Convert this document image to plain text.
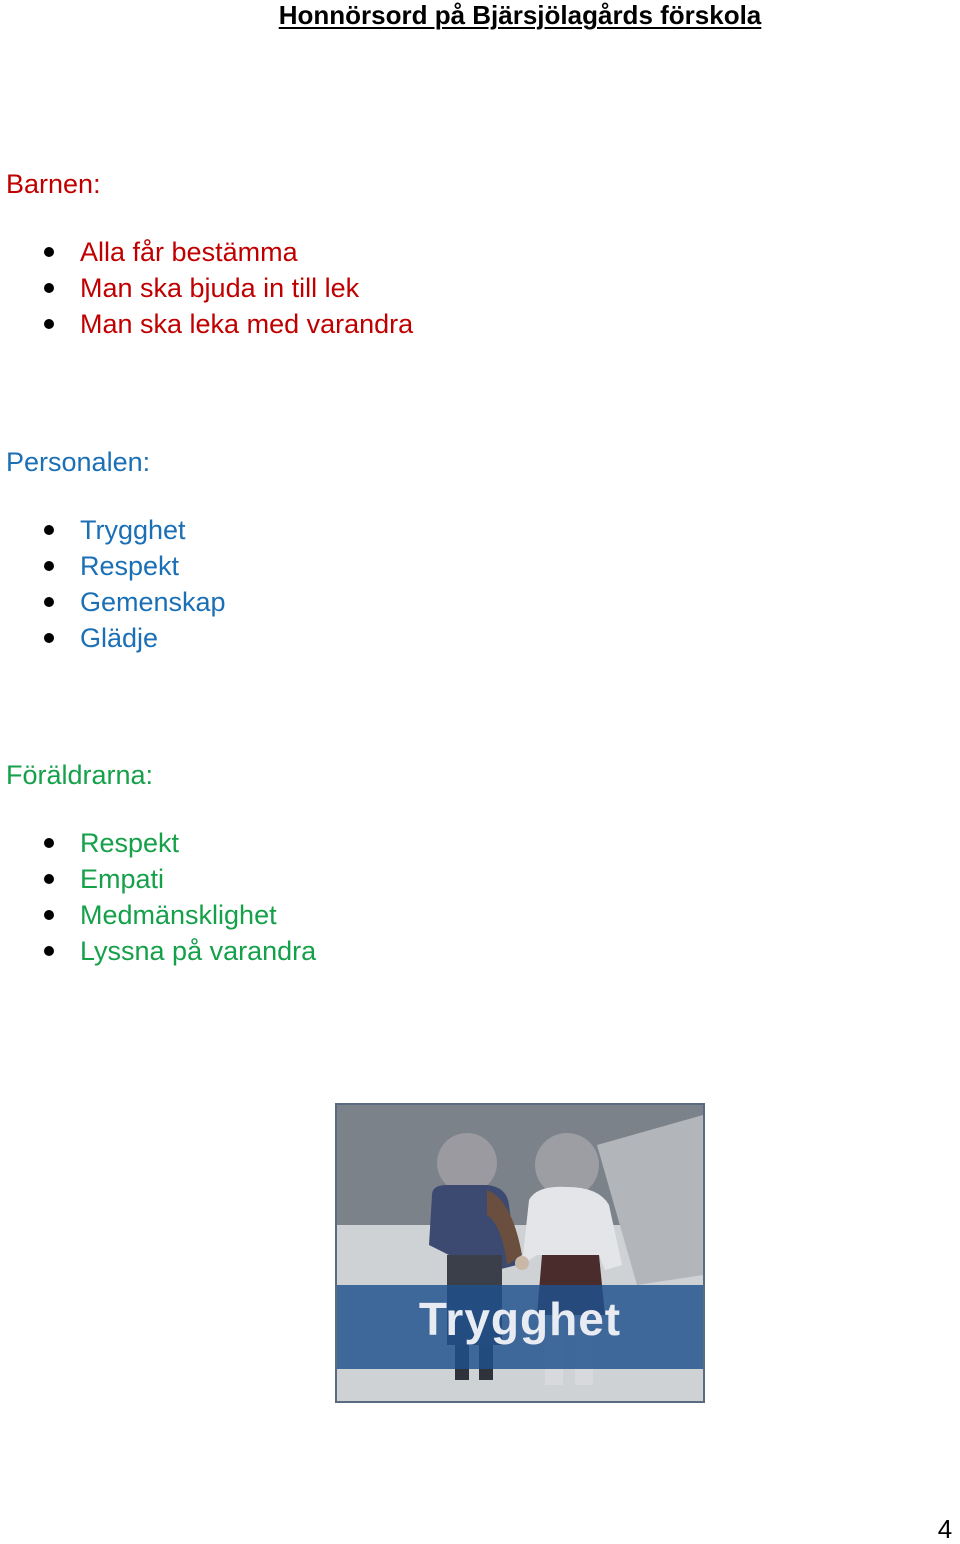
Honnörsord på Bjärsjölagårds förskola
Barnen:
Alla får bestämma
Man ska bjuda in till lek
Man ska leka med varandra
Personalen:
Trygghet
Respekt
Gemenskap
Glädje
Föräldrarna:
Respekt
Empati
Medmänsklighet
Lyssna på varandra
Trygghet
4
